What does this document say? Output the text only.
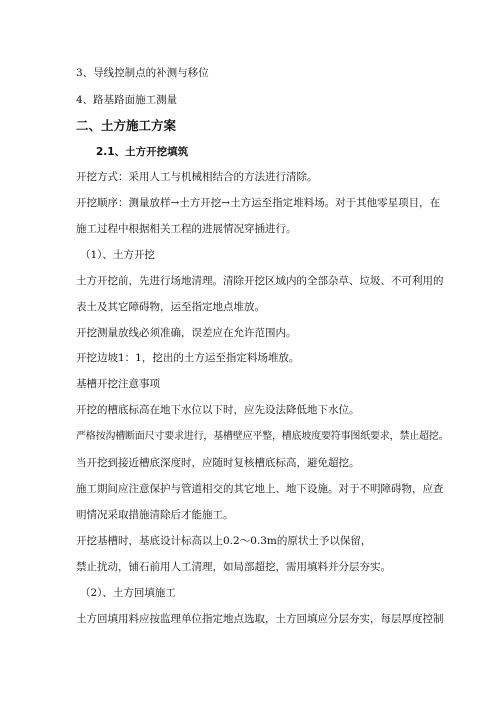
3、导线控制点的补测与移位
4、路基路面施工测量
二、土方施工方案
2.1、土方开挖填筑
开挖方式：采用人工与机械相结合的方法进行清除。
开挖顺序：测量放样→土方开挖→土方运至指定堆料场。对于其他零星项目，在
施工过程中根据相关工程的进展情况穿插进行。
（1）、土方开挖
土方开挖前，先进行场地清理。清除开挖区域内的全部杂草、垃圾、不可利用的
表土及其它障碍物，运至指定地点堆放。
开挖测量放线必须准确，误差应在允许范围内。
开挖边坡1：1，挖出的土方运至指定料场堆放。
基槽开挖注意事项
开挖的槽底标高在地下水位以下时，应先设法降低地下水位。
严格按沟槽断面尺寸要求进行，基槽壁应平整，槽底坡度要符事图纸要求，禁止超挖。
当开挖到接近槽底深度时，应随时复核槽底标高，避免超挖。
施工期间应注意保护与管道相交的其它地上、地下设施。对于不明障碍物，应查
明情况采取措施清除后才能施工。
开挖基槽时，基底设计标高以上0.2～0.3m的原状土予以保留，
禁止扰动，铺石前用人工清理，如局部超挖，需用填料并分层夯实。
（2）、土方回填施工
土方回填用料应按监理单位指定地点选取，土方回填应分层夯实，每层厚度控制
